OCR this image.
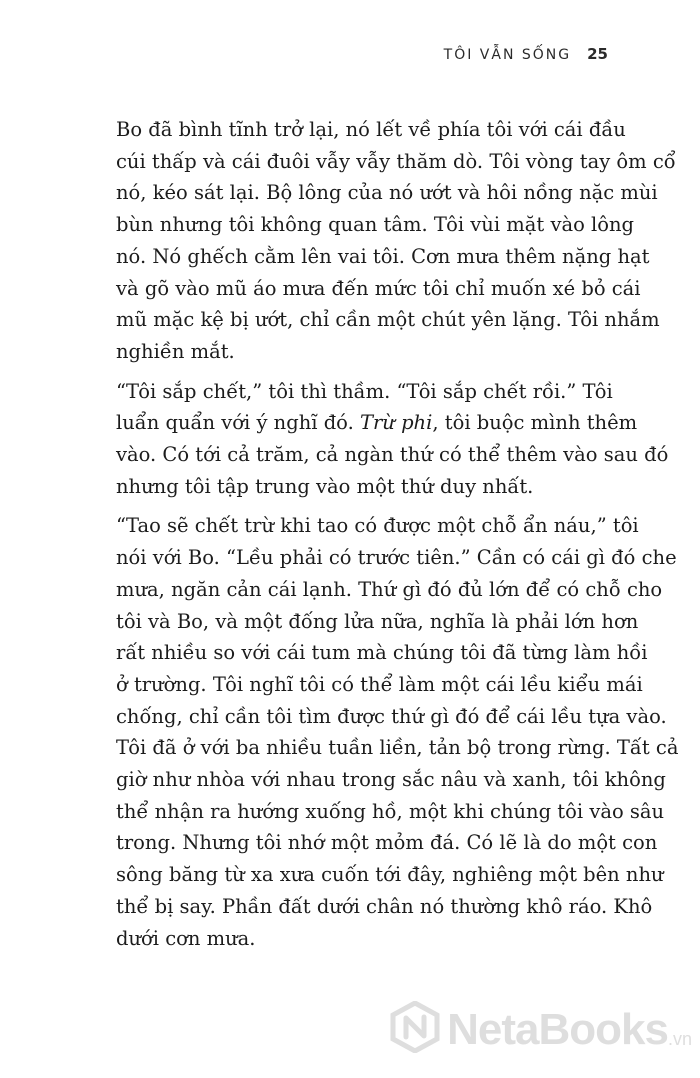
TÔI VẪN SỐNG 25

Bo đã bình tĩnh trở lại, nó lết về phía tôi với cái đầu
cúi thấp và cái đuôi vẫy vẫy thăm dò. Tôi vòng tay ôm cổ
nó, kéo sát lại. Bộ lông của nó ướt và hôi nồng nặc mùi
bùn nhưng tôi không quan tâm. Tôi vùi mặt vào lông
nó. Nó ghếch cằm lên vai tôi. Cơn mưa thêm nặng hạt
và gõ vào mũ áo mưa đến mức tôi chỉ muốn xé bỏ cái
mũ mặc kệ bị ướt, chỉ cần một chút yên lặng. Tôi nhắm
nghiền mắt.

“Tôi sắp chết,” tôi thì thầm. “Tôi sắp chết rồi.” Tôi
luẩn quẩn với ý nghĩ đó. Trừ phi, tôi buộc mình thêm
vào. Có tới cả trăm, cả ngàn thứ có thể thêm vào sau đó
nhưng tôi tập trung vào một thứ duy nhất.

“Tao sẽ chết trừ khi tao có được một chỗ ẩn náu,” tôi
nói với Bo. “Lều phải có trước tiên.” Cần có cái gì đó che
mưa, ngăn cản cái lạnh. Thứ gì đó đủ lớn để có chỗ cho
tôi và Bo, và một đống lửa nữa, nghĩa là phải lớn hơn
rất nhiều so với cái tum mà chúng tôi đã từng làm hồi
ở trường. Tôi nghĩ tôi có thể làm một cái lều kiểu mái
chống, chỉ cần tôi tìm được thứ gì đó để cái lều tựa vào.
Tôi đã ở với ba nhiều tuần liền, tản bộ trong rừng. Tất cả
giờ như nhòa với nhau trong sắc nâu và xanh, tôi không
thể nhận ra hướng xuống hồ, một khi chúng tôi vào sâu
trong. Nhưng tôi nhớ một mỏm đá. Có lẽ là do một con
sông băng từ xa xưa cuốn tới đây, nghiêng một bên như
thể bị say. Phần đất dưới chân nó thường khô ráo. Khô
dưới cơn mưa.

NetaBooks .vn
